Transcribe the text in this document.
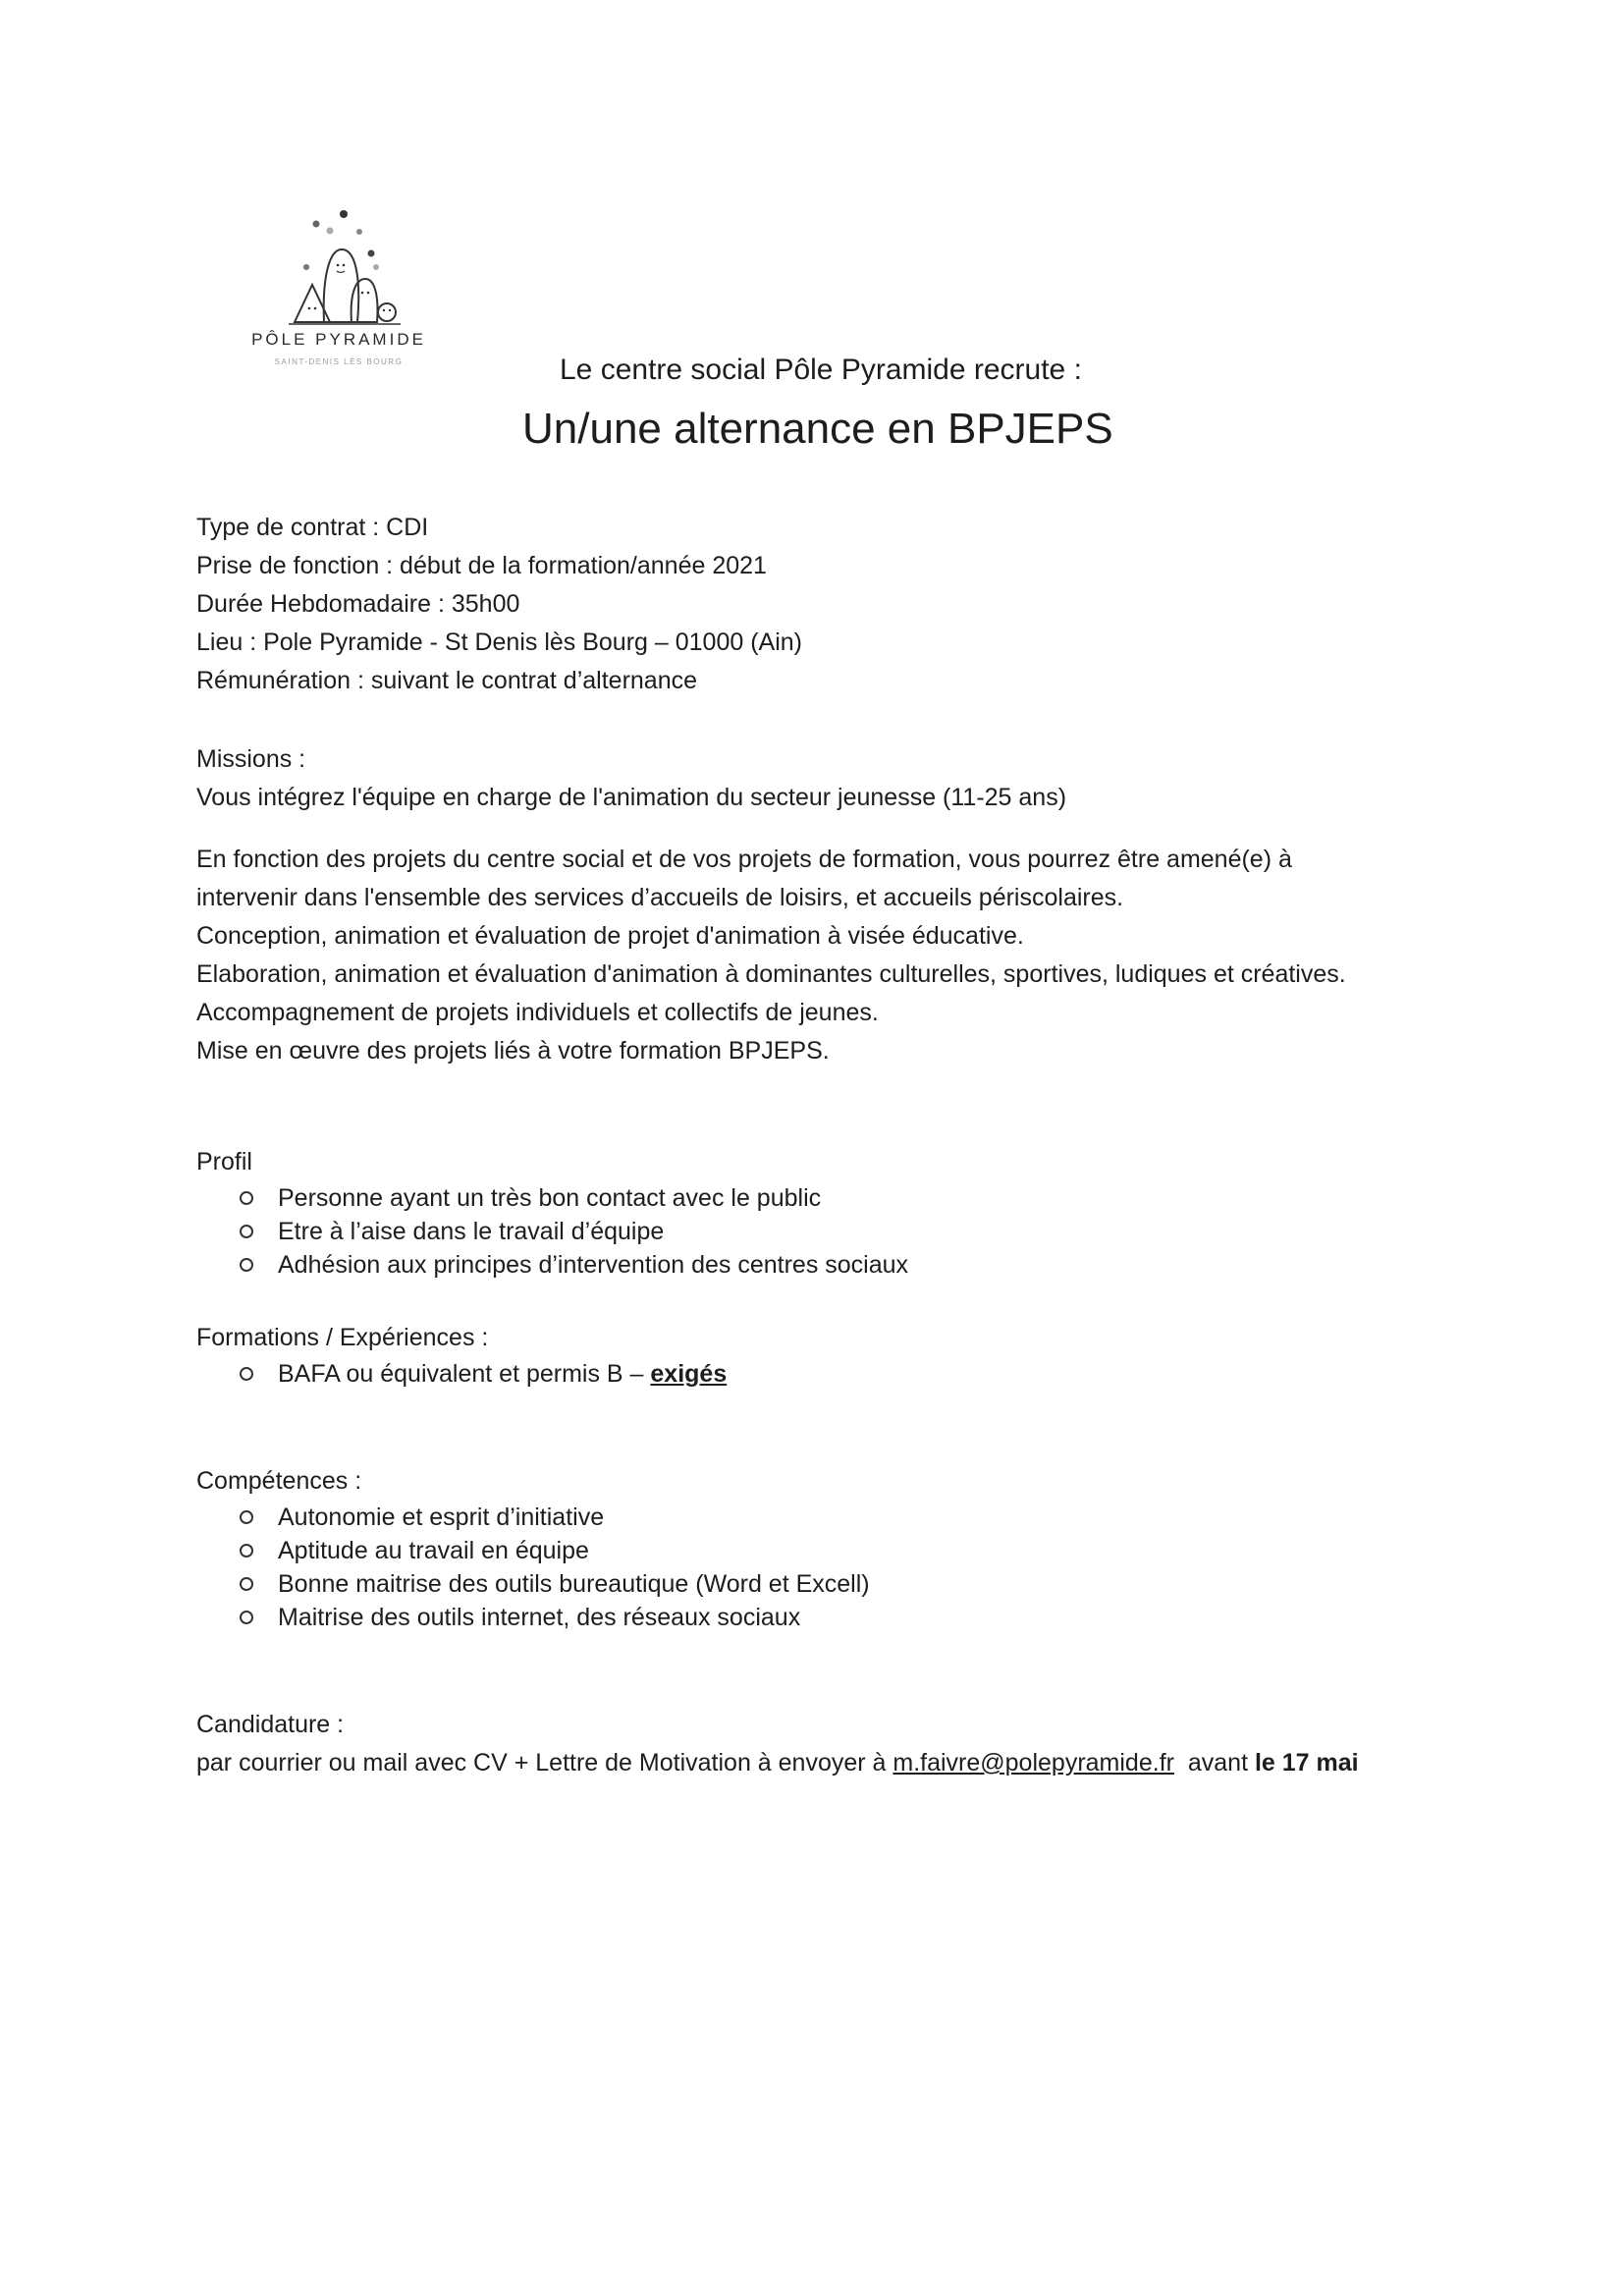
PÔLE PYRAMIDE
SAINT-DENIS LÈS BOURG	Le centre social Pôle Pyramide recrute :
Un/une alternance en BPJEPS
Type de contrat : CDI
Prise de fonction : début de la formation/année 2021
Durée Hebdomadaire : 35h00
Lieu : Pole Pyramide - St Denis lès Bourg – 01000 (Ain)
Rémunération : suivant le contrat d’alternance
Missions :
Vous intégrez l'équipe en charge de l'animation du secteur jeunesse (11-25 ans)
En fonction des projets du centre social et de vos projets de formation, vous pourrez être amené(e) à
intervenir dans l'ensemble des services d’accueils de loisirs, et accueils périscolaires.
Conception, animation et évaluation de projet d'animation à visée éducative.
Elaboration, animation et évaluation d'animation à dominantes culturelles, sportives, ludiques et créatives.
Accompagnement de projets individuels et collectifs de jeunes.
Mise en œuvre des projets liés à votre formation BPJEPS.
Profil
Personne ayant un très bon contact avec le public
Etre à l’aise dans le travail d’équipe
Adhésion aux principes d’intervention des centres sociaux
Formations / Expériences :
BAFA ou équivalent et permis B – exigés
Compétences :
Autonomie et esprit d’initiative
Aptitude au travail en équipe
Bonne maitrise des outils bureautique (Word et Excell)
Maitrise des outils internet, des réseaux sociaux
Candidature :
par courrier ou mail avec CV + Lettre de Motivation à envoyer à m.faivre@polepyramide.fr  avant le 17 mai
